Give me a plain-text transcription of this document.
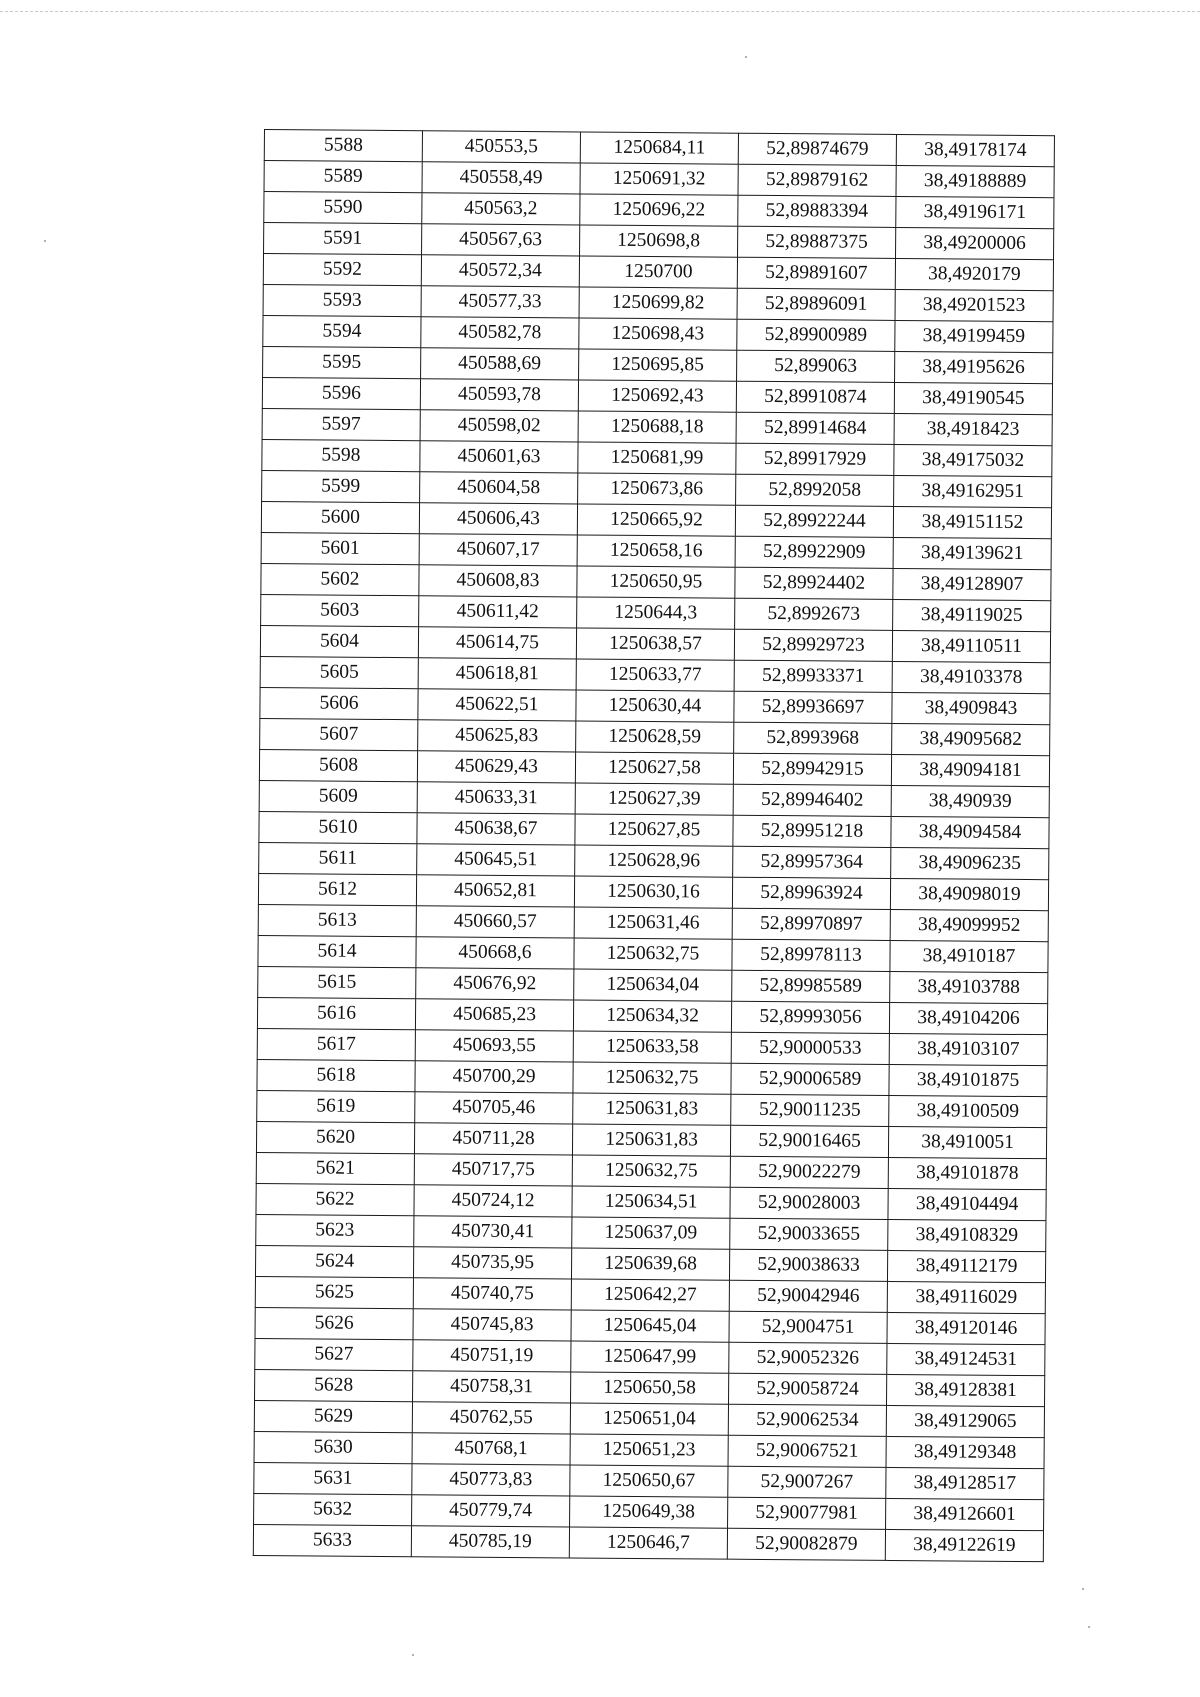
5588	450553,5	1250684,11	52,89874679	38,49178174
5589	450558,49	1250691,32	52,89879162	38,49188889
5590	450563,2	1250696,22	52,89883394	38,49196171
5591	450567,63	1250698,8	52,89887375	38,49200006
5592	450572,34	1250700	52,89891607	38,4920179
5593	450577,33	1250699,82	52,89896091	38,49201523
5594	450582,78	1250698,43	52,89900989	38,49199459
5595	450588,69	1250695,85	52,899063	38,49195626
5596	450593,78	1250692,43	52,89910874	38,49190545
5597	450598,02	1250688,18	52,89914684	38,4918423
5598	450601,63	1250681,99	52,89917929	38,49175032
5599	450604,58	1250673,86	52,8992058	38,49162951
5600	450606,43	1250665,92	52,89922244	38,49151152
5601	450607,17	1250658,16	52,89922909	38,49139621
5602	450608,83	1250650,95	52,89924402	38,49128907
5603	450611,42	1250644,3	52,8992673	38,49119025
5604	450614,75	1250638,57	52,89929723	38,49110511
5605	450618,81	1250633,77	52,89933371	38,49103378
5606	450622,51	1250630,44	52,89936697	38,4909843
5607	450625,83	1250628,59	52,8993968	38,49095682
5608	450629,43	1250627,58	52,89942915	38,49094181
5609	450633,31	1250627,39	52,89946402	38,490939
5610	450638,67	1250627,85	52,89951218	38,49094584
5611	450645,51	1250628,96	52,89957364	38,49096235
5612	450652,81	1250630,16	52,89963924	38,49098019
5613	450660,57	1250631,46	52,89970897	38,49099952
5614	450668,6	1250632,75	52,89978113	38,4910187
5615	450676,92	1250634,04	52,89985589	38,49103788
5616	450685,23	1250634,32	52,89993056	38,49104206
5617	450693,55	1250633,58	52,90000533	38,49103107
5618	450700,29	1250632,75	52,90006589	38,49101875
5619	450705,46	1250631,83	52,90011235	38,49100509
5620	450711,28	1250631,83	52,90016465	38,4910051
5621	450717,75	1250632,75	52,90022279	38,49101878
5622	450724,12	1250634,51	52,90028003	38,49104494
5623	450730,41	1250637,09	52,90033655	38,49108329
5624	450735,95	1250639,68	52,90038633	38,49112179
5625	450740,75	1250642,27	52,90042946	38,49116029
5626	450745,83	1250645,04	52,9004751	38,49120146
5627	450751,19	1250647,99	52,90052326	38,49124531
5628	450758,31	1250650,58	52,90058724	38,49128381
5629	450762,55	1250651,04	52,90062534	38,49129065
5630	450768,1	1250651,23	52,90067521	38,49129348
5631	450773,83	1250650,67	52,9007267	38,49128517
5632	450779,74	1250649,38	52,90077981	38,49126601
5633	450785,19	1250646,7	52,90082879	38,49122619
